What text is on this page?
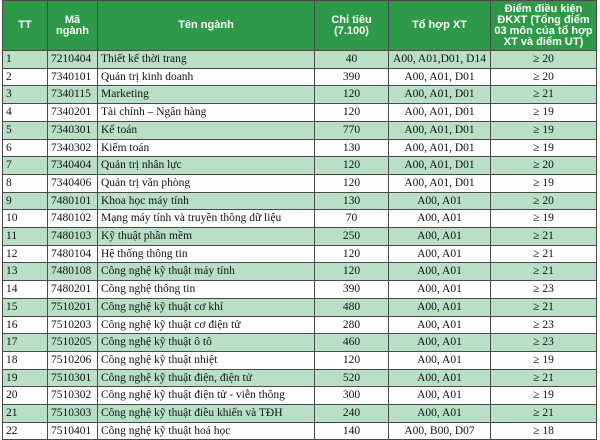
TT	Mã ngành	Tên ngành	Chỉ tiêu (7.100)	Tổ hợp XT	Điểm điều kiện ĐKXT (Tổng điểm 03 môn của tổ hợp XT và điểm UT)
1	7210404	Thiết kế thời trang	40	A00, A01,D01, D14	≥ 20
2	7340101	Quản trị kinh doanh	390	A00, A01, D01	≥ 20
3	7340115	Marketing	120	A00, A01, D01	≥ 21
4	7340201	Tài chính – Ngân hàng	120	A00, A01, D01	≥ 19
5	7340301	Kế toán	770	A00, A01, D01	≥ 19
6	7340302	Kiểm toán	130	A00, A01, D01	≥ 19
7	7340404	Quản trị nhân lực	120	A00, A01, D01	≥ 20
8	7340406	Quản trị văn phòng	120	A00, A01, D01	≥ 19
9	7480101	Khoa học máy tính	130	A00, A01	≥ 20
10	7480102	Mạng máy tính và truyền thông dữ liệu	70	A00, A01	≥ 19
11	7480103	Kỹ thuật phần mềm	250	A00, A01	≥ 21
12	7480104	Hệ thống thông tin	120	A00, A01	≥ 21
13	7480108	Công nghệ kỹ thuật máy tính	120	A00, A01	≥ 21
14	7480201	Công nghệ thông tin	390	A00, A01	≥ 23
15	7510201	Công nghệ kỹ thuật cơ khí	480	A00, A01	≥ 21
16	7510203	Công nghệ kỹ thuật cơ điện tử	280	A00, A01	≥ 23
17	7510205	Công nghệ kỹ thuật ô tô	460	A00, A01	≥ 23
18	7510206	Công nghệ kỹ thuật nhiệt	120	A00, A01	≥ 19
19	7510301	Công nghệ kỹ thuật điện, điện tử	520	A00, A01	≥ 21
20	7510302	Công nghệ kỹ thuật điện tử - viễn thông	300	A00, A01	≥ 19
21	7510303	Công nghệ kỹ thuật điều khiển và TĐH	240	A00, A01	≥ 21
22	7510401	Công nghệ kỹ thuật hoá học	140	A00, B00, D07	≥ 18
